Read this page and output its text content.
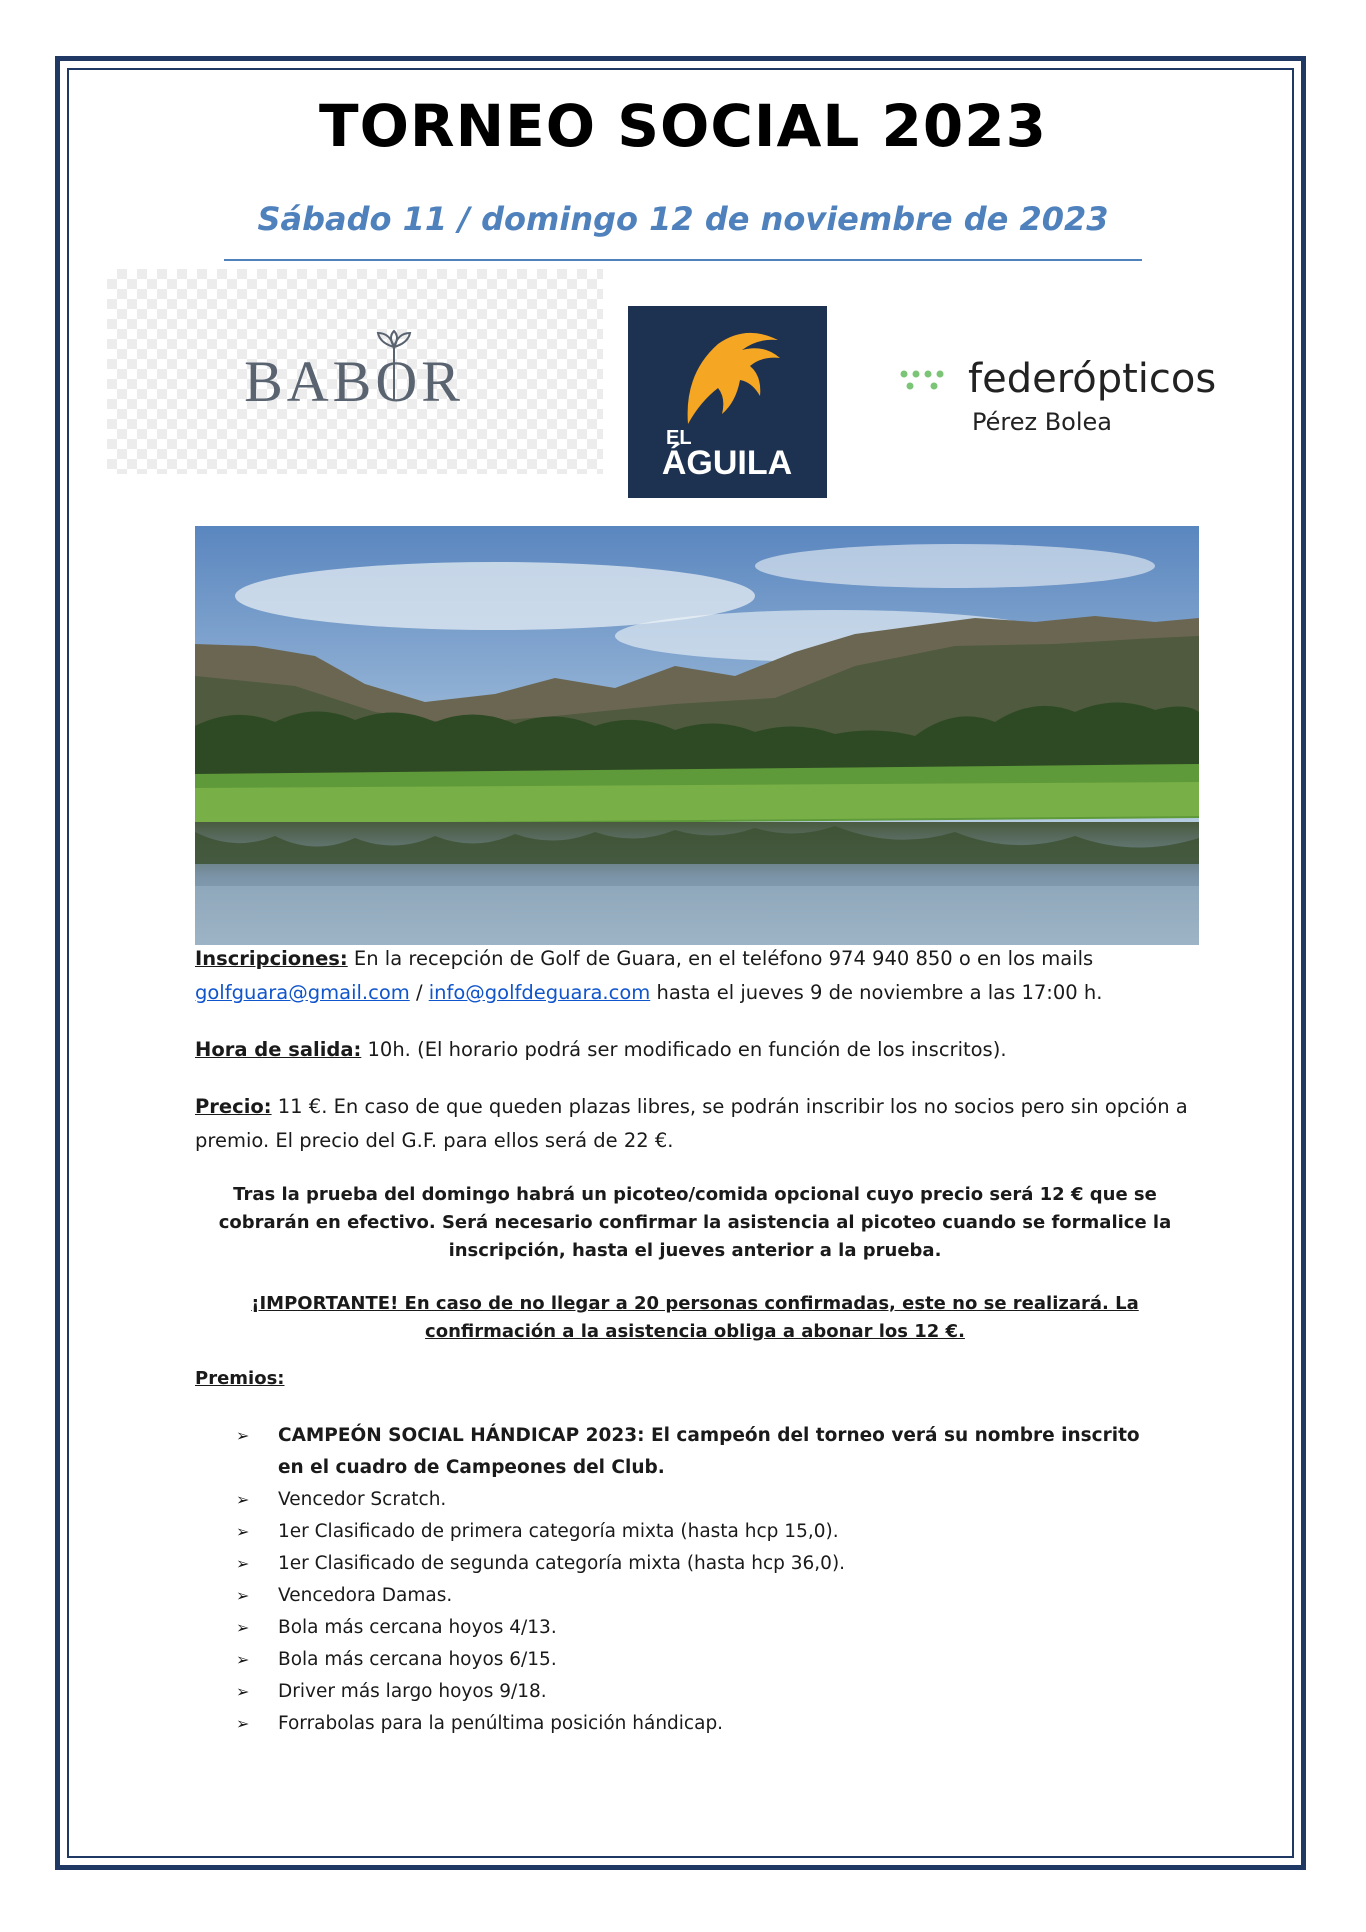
TORNEO SOCIAL 2023
Sábado 11 / domingo 12 de noviembre de 2023
BABOR
EL
ÁGUILA
federópticos
Pérez Bolea
Inscripciones: En la recepción de Golf de Guara, en el teléfono 974 940 850 o en los mails
golfguara@gmail.com / info@golfdeguara.com hasta el jueves 9 de noviembre a las 17:00 h.
Hora de salida: 10h. (El horario podrá ser modificado en función de los inscritos).
Precio: 11 €. En caso de que queden plazas libres, se podrán inscribir los no socios pero sin opción a premio. El precio del G.F. para ellos será de 22 €.
Tras la prueba del domingo habrá un picoteo/comida opcional cuyo precio será 12 € que se cobrarán en efectivo. Será necesario confirmar la asistencia al picoteo cuando se formalice la inscripción, hasta el jueves anterior a la prueba.
¡IMPORTANTE! En caso de no llegar a 20 personas confirmadas, este no se realizará. La confirmación a la asistencia obliga a abonar los 12 €.
Premios:
➢ CAMPEÓN SOCIAL HÁNDICAP 2023: El campeón del torneo verá su nombre inscrito en el cuadro de Campeones del Club.
➢ Vencedor Scratch.
➢ 1er Clasificado de primera categoría mixta (hasta hcp 15,0).
➢ 1er Clasificado de segunda categoría mixta (hasta hcp 36,0).
➢ Vencedora Damas.
➢ Bola más cercana hoyos 4/13.
➢ Bola más cercana hoyos 6/15.
➢ Driver más largo hoyos 9/18.
➢ Forrabolas para la penúltima posición hándicap.
